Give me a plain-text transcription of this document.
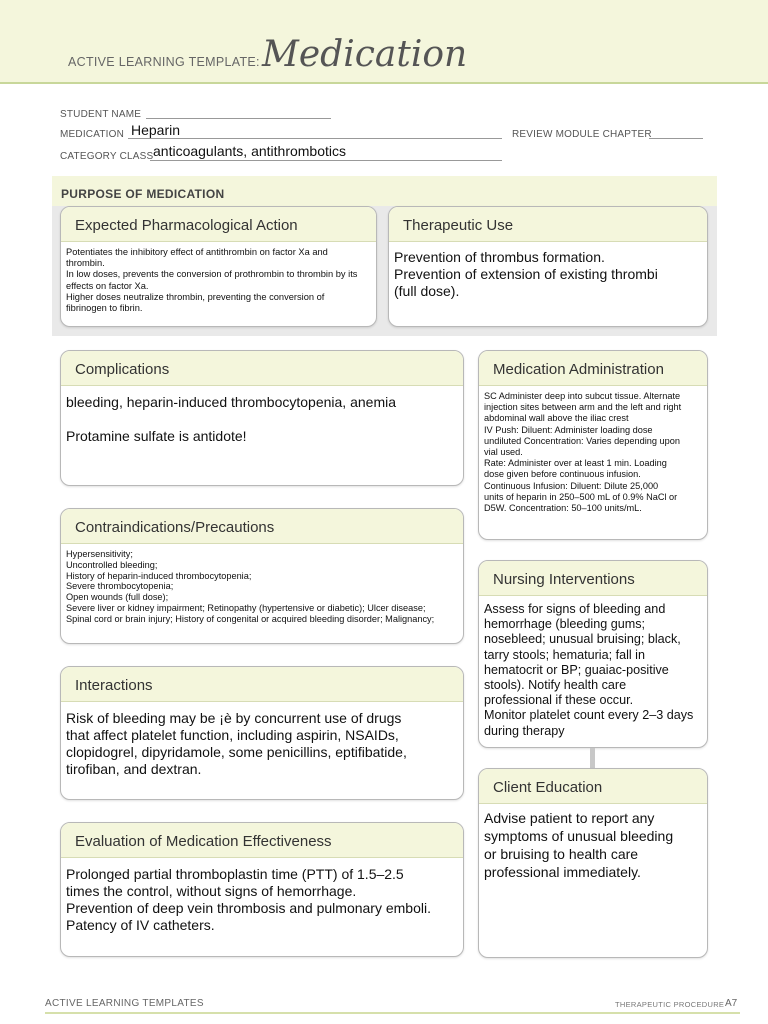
ACTIVE LEARNING TEMPLATE: Medication
STUDENT NAME
MEDICATION Heparin	REVIEW MODULE CHAPTER
CATEGORY CLASS anticoagulants, antithrombotics
PURPOSE OF MEDICATION
Expected Pharmacological Action
Potentiates the inhibitory effect of antithrombin on factor Xa and
thrombin.
In low doses, prevents the conversion of prothrombin to thrombin by its
effects on factor Xa.
Higher doses neutralize thrombin, preventing the conversion of
fibrinogen to fibrin.
Therapeutic Use
Prevention of thrombus formation.
Prevention of extension of existing thrombi
(full dose).
Complications
bleeding, heparin-induced thrombocytopenia, anemia

Protamine sulfate is antidote!
Medication Administration
SC Administer deep into subcut tissue. Alternate
injection sites between arm and the left and right
abdominal wall above the iliac crest
IV Push: Diluent: Administer loading dose
undiluted Concentration: Varies depending upon
vial used.
Rate: Administer over at least 1 min. Loading
dose given before continuous infusion.
Continuous Infusion: Diluent: Dilute 25,000
units of heparin in 250–500 mL of 0.9% NaCl or
D5W. Concentration: 50–100 units/mL.
Contraindications/Precautions
Hypersensitivity;
Uncontrolled bleeding;
History of heparin-induced thrombocytopenia;
Severe thrombocytopenia;
Open wounds (full dose);
Severe liver or kidney impairment; Retinopathy (hypertensive or diabetic); Ulcer disease;
Spinal cord or brain injury; History of congenital or acquired bleeding disorder; Malignancy;
Nursing Interventions
Assess for signs of bleeding and
hemorrhage (bleeding gums;
nosebleed; unusual bruising; black,
tarry stools; hematuria; fall in
hematocrit or BP; guaiac-positive
stools). Notify health care
professional if these occur.
Monitor platelet count every 2–3 days
during therapy
Interactions
Risk of bleeding may be ¡è by concurrent use of drugs
that affect platelet function, including aspirin, NSAIDs,
clopidogrel, dipyridamole, some penicillins, eptifibatide,
tirofiban, and dextran.
Client Education
Advise patient to report any
symptoms of unusual bleeding
or bruising to health care
professional immediately.
Evaluation of Medication Effectiveness
Prolonged partial thromboplastin time (PTT) of 1.5–2.5
times the control, without signs of hemorrhage.
Prevention of deep vein thrombosis and pulmonary emboli.
Patency of IV catheters.
ACTIVE LEARNING TEMPLATES	THERAPEUTIC PROCEDURE A7
